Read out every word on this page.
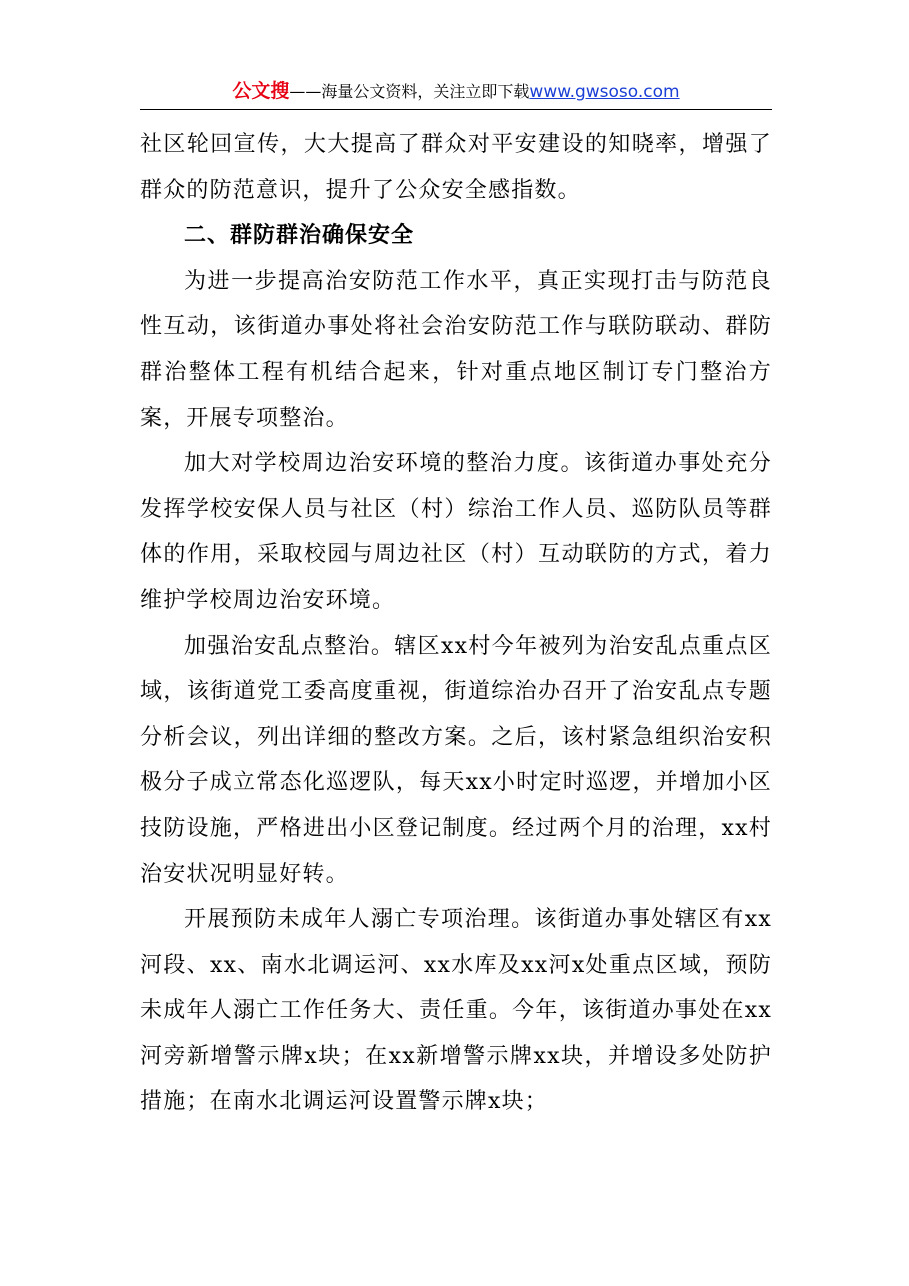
公文搜——海量公文资料，关注立即下载www.gwsoso.com

社区轮回宣传，大大提高了群众对平安建设的知晓率，增强了群众的防范意识，提升了公众安全感指数。

二、群防群治确保安全

为进一步提高治安防范工作水平，真正实现打击与防范良性互动，该街道办事处将社会治安防范工作与联防联动、群防群治整体工程有机结合起来，针对重点地区制订专门整治方案，开展专项整治。

加大对学校周边治安环境的整治力度。该街道办事处充分发挥学校安保人员与社区（村）综治工作人员、巡防队员等群体的作用，采取校园与周边社区（村）互动联防的方式，着力维护学校周边治安环境。

加强治安乱点整治。辖区xx村今年被列为治安乱点重点区域，该街道党工委高度重视，街道综治办召开了治安乱点专题分析会议，列出详细的整改方案。之后，该村紧急组织治安积极分子成立常态化巡逻队，每天xx小时定时巡逻，并增加小区技防设施，严格进出小区登记制度。经过两个月的治理，xx村治安状况明显好转。

开展预防未成年人溺亡专项治理。该街道办事处辖区有xx河段、xx、南水北调运河、xx水库及xx河x处重点区域，预防未成年人溺亡工作任务大、责任重。今年，该街道办事处在xx河旁新增警示牌x块；在xx新增警示牌xx块，并增设多处防护措施；在南水北调运河设置警示牌x块；
